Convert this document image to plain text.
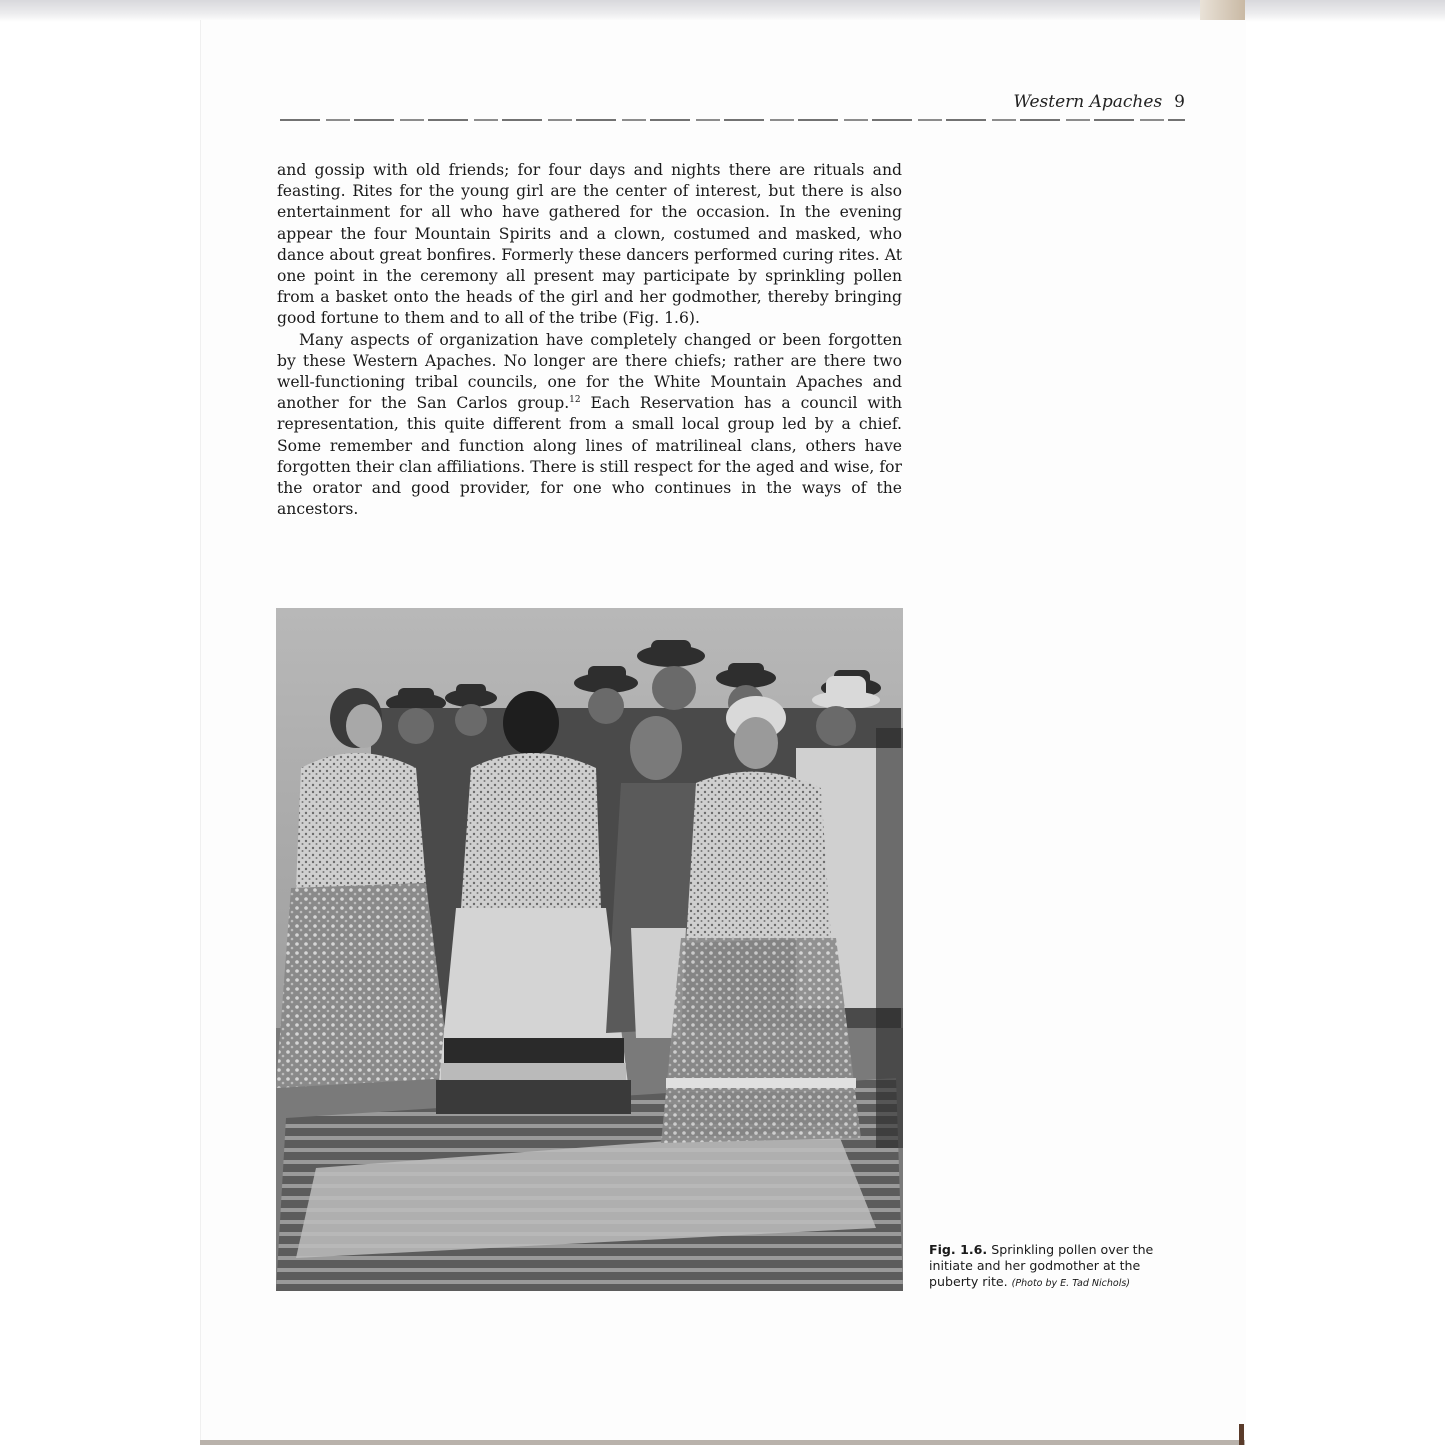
Western Apaches 9

and gossip with old friends; for four days and nights there are rituals and feasting. Rites for the young girl are the center of interest, but there is also entertainment for all who have gathered for the occasion. In the evening appear the four Mountain Spirits and a clown, costumed and masked, who dance about great bonfires. Formerly these dancers performed curing rites. At one point in the ceremony all present may participate by sprinkling pollen from a basket onto the heads of the girl and her godmother, thereby bringing good fortune to them and to all of the tribe (Fig. 1.6).

Many aspects of organization have completely changed or been forgotten by these Western Apaches. No longer are there chiefs; rather are there two well-functioning tribal councils, one for the White Mountain Apaches and another for the San Carlos group.$^{12}$ Each Reservation has a council with representation, this quite different from a small local group led by a chief. Some remember and function along lines of matrilineal clans, others have forgotten their clan affiliations. There is still respect for the aged and wise, for the orator and good provider, for one who continues in the ways of the ancestors.

Fig. 1.6. Sprinkling pollen over the initiate and her godmother at the puberty rite. (Photo by E. Tad Nichols)
